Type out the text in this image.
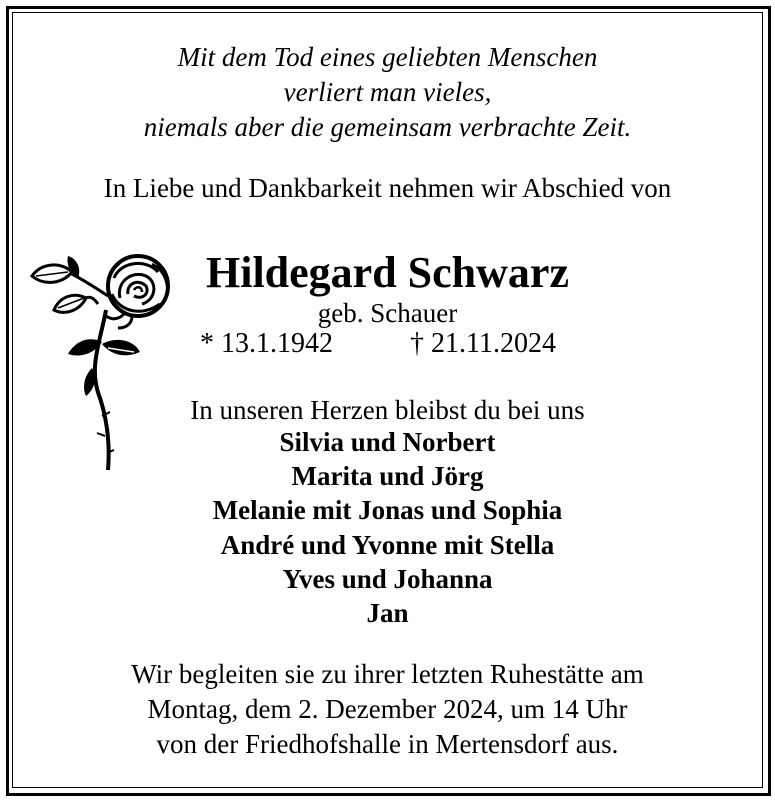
Mit dem Tod eines geliebten Menschen
verliert man vieles,
niemals aber die gemeinsam verbrachte Zeit.
In Liebe und Dankbarkeit nehmen wir Abschied von
Hildegard Schwarz
geb. Schauer
* 13.1.1942	† 21.11.2024
In unseren Herzen bleibst du bei uns
Silvia und Norbert
Marita und Jörg
Melanie mit Jonas und Sophia
André und Yvonne mit Stella
Yves und Johanna
Jan
Wir begleiten sie zu ihrer letzten Ruhestätte am
Montag, dem 2. Dezember 2024, um 14 Uhr
von der Friedhofshalle in Mertensdorf aus.
